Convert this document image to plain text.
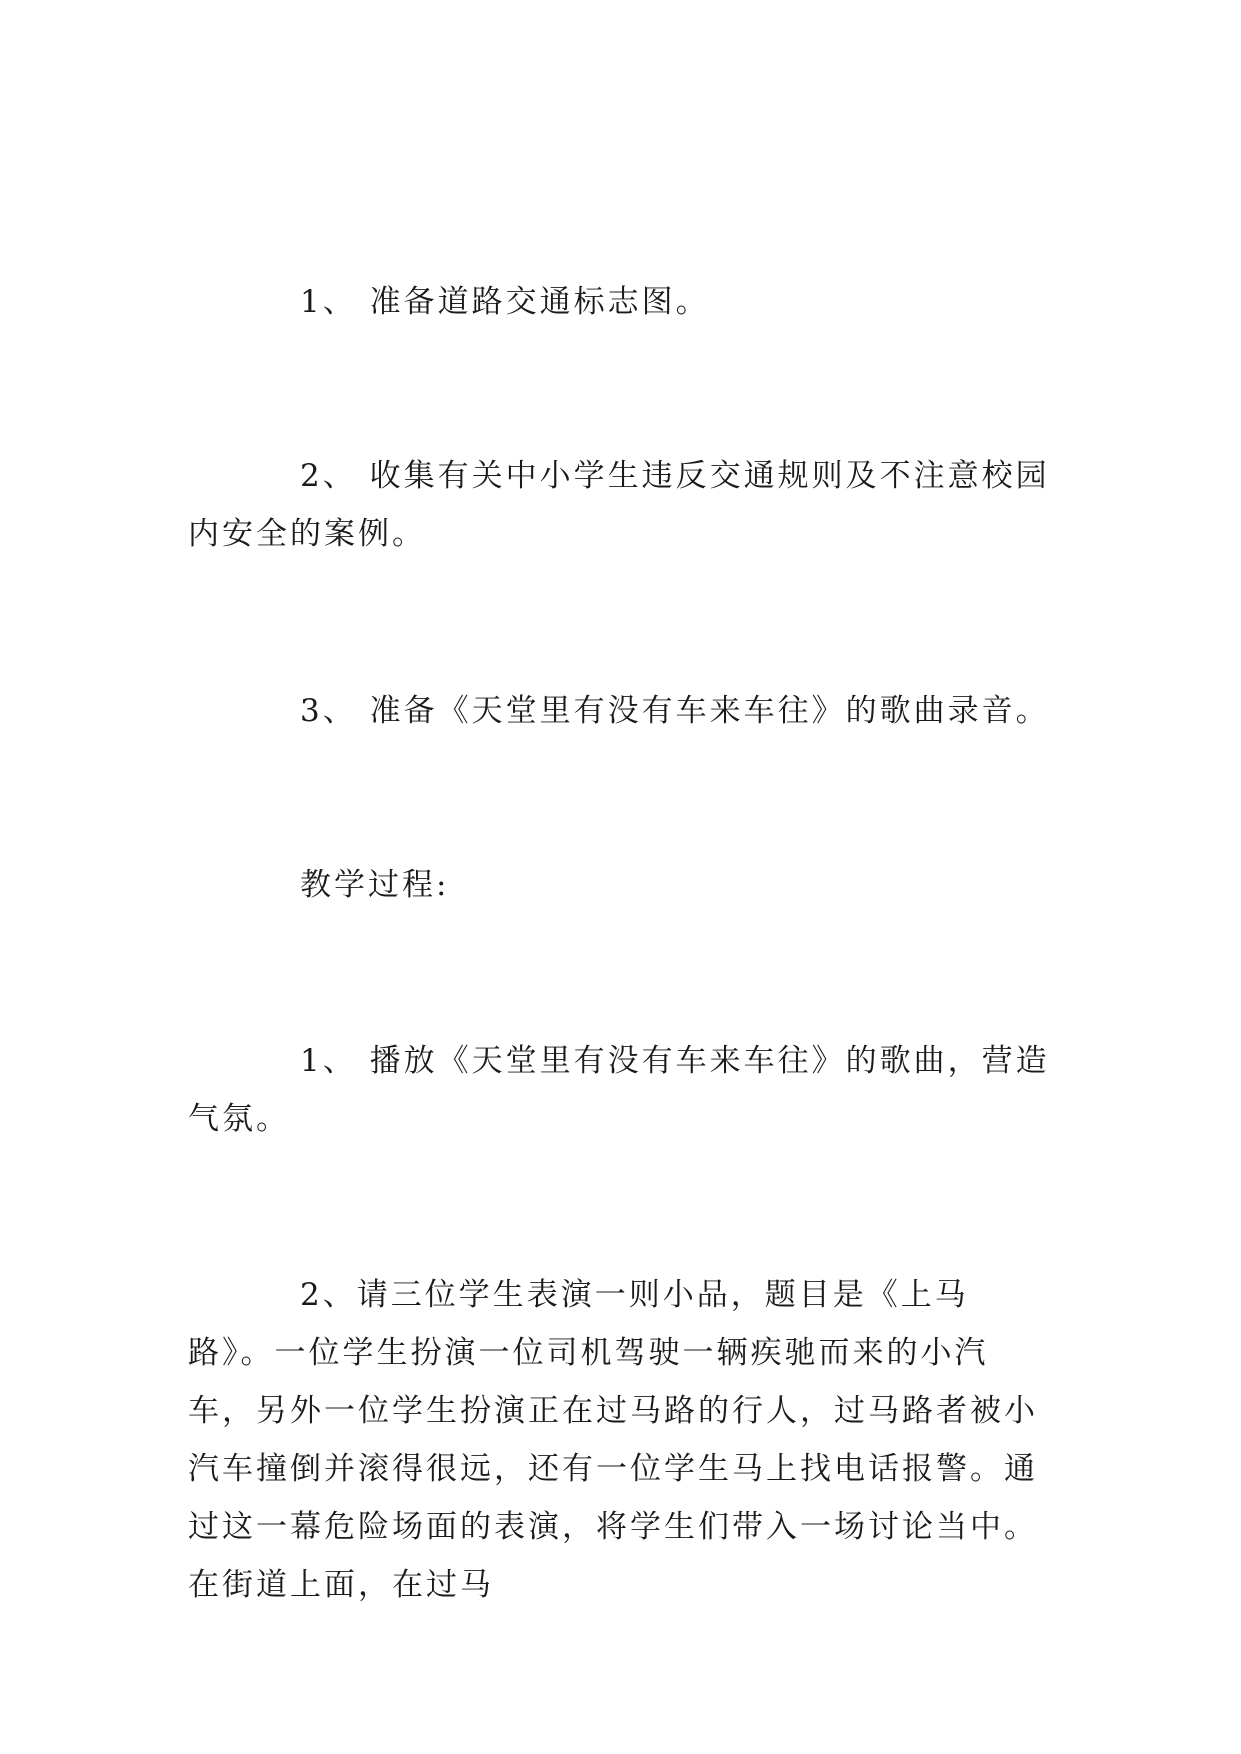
1、 准备道路交通标志图。

2、 收集有关中小学生违反交通规则及不注意校园内安全的案例。

3、 准备《天堂里有没有车来车往》的歌曲录音。

教学过程:

1、 播放《天堂里有没有车来车往》的歌曲，营造气氛。

2、请三位学生表演一则小品，题目是《上马路》。一位学生扮演一位司机驾驶一辆疾驰而来的小汽车，另外一位学生扮演正在过马路的行人，过马路者被小汽车撞倒并滚得很远，还有一位学生马上找电话报警。通过这一幕危险场面的表演，将学生们带入一场讨论当中。在街道上面，在过马
